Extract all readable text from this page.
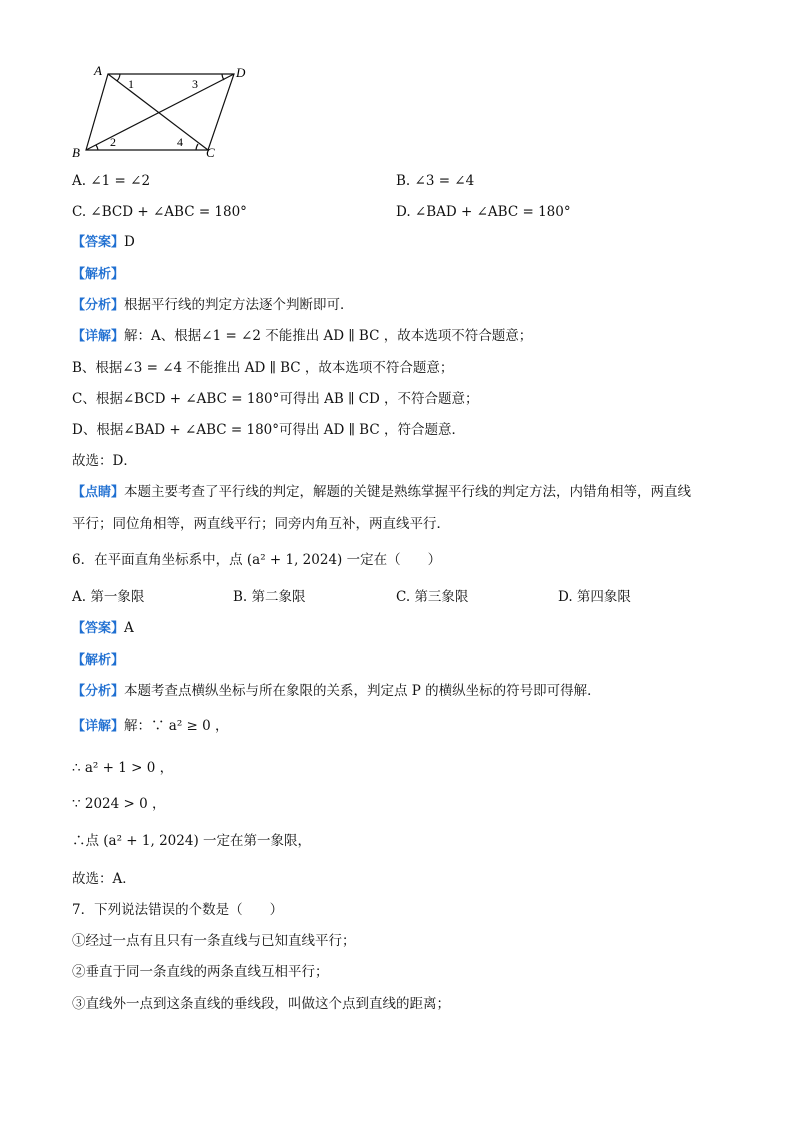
A	D
B	C
1	3
2	4
A. ∠1 = ∠2	B. ∠3 = ∠4
C. ∠BCD + ∠ABC = 180°	D. ∠BAD + ∠ABC = 180°
【答案】D
【解析】
【分析】根据平行线的判定方法逐个判断即可．
【详解】解：A、根据∠1 = ∠2 不能推出 AD ∥ BC ，故本选项不符合题意；
B、根据∠3 = ∠4 不能推出 AD ∥ BC ，故本选项不符合题意；
C、根据∠BCD + ∠ABC = 180°可得出 AB ∥ CD ，不符合题意；
D、根据∠BAD + ∠ABC = 180°可得出 AD ∥ BC ，符合题意．
故选：D．
【点睛】本题主要考查了平行线的判定，解题的关键是熟练掌握平行线的判定方法，内错角相等，两直线
平行；同位角相等，两直线平行；同旁内角互补，两直线平行．
6．在平面直角坐标系中，点 (a² + 1, 2024) 一定在（　　）
A. 第一象限	B. 第二象限	C. 第三象限	D. 第四象限
【答案】A
【解析】
【分析】本题考查点横纵坐标与所在象限的关系，判定点 P 的横纵坐标的符号即可得解．
【详解】解：∵ a² ≥ 0 ，
∴ a² + 1 > 0 ，
∵ 2024 > 0 ，
∴点 (a² + 1, 2024) 一定在第一象限，
故选：A．
7．下列说法错误的个数是（　　）
①经过一点有且只有一条直线与已知直线平行；
②垂直于同一条直线的两条直线互相平行；
③直线外一点到这条直线的垂线段，叫做这个点到直线的距离；
